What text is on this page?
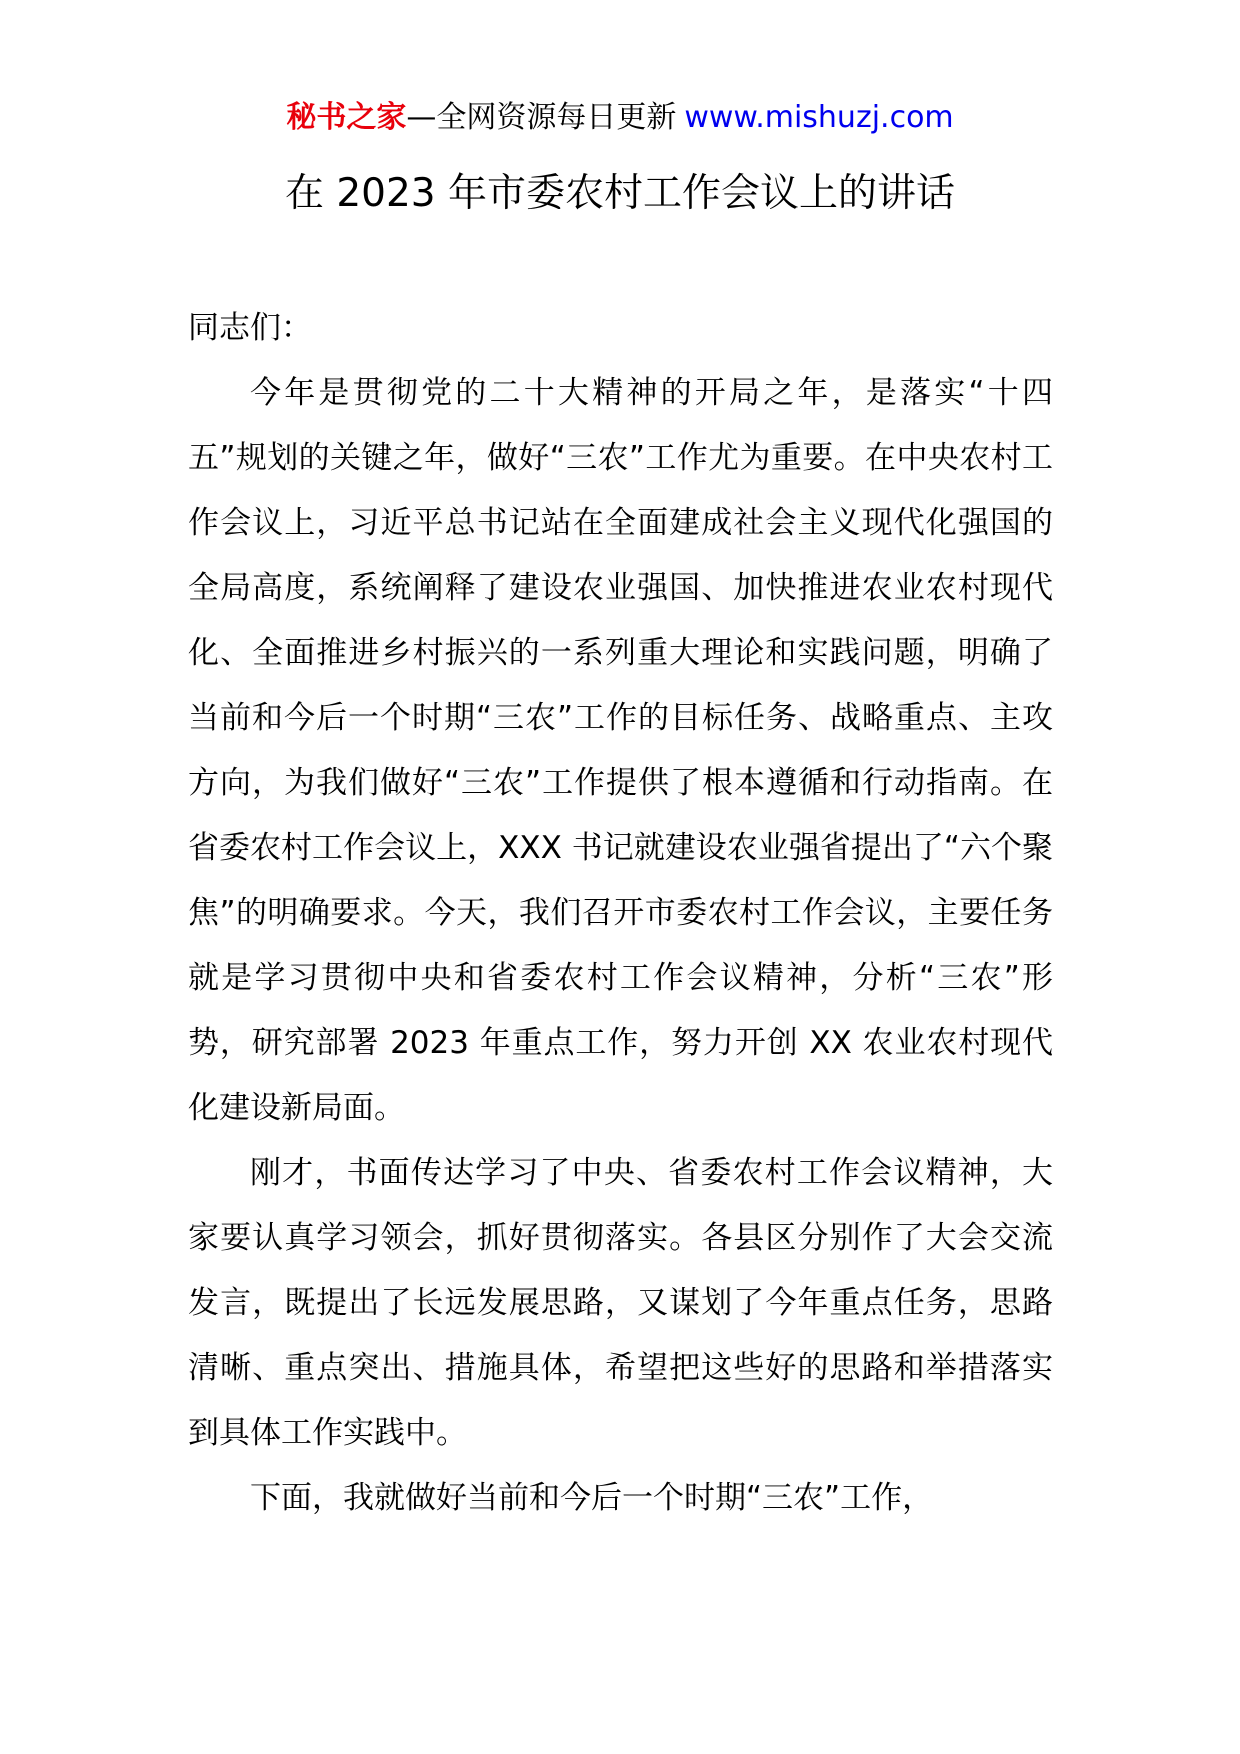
秘书之家—全网资源每日更新 www.mishuzj.com
在 2023 年市委农村工作会议上的讲话

同志们：

今年是贯彻党的二十大精神的开局之年，是落实“十四五”规划的关键之年，做好“三农”工作尤为重要。在中央农村工作会议上，习近平总书记站在全面建成社会主义现代化强国的全局高度，系统阐释了建设农业强国、加快推进农业农村现代化、全面推进乡村振兴的一系列重大理论和实践问题，明确了当前和今后一个时期“三农”工作的目标任务、战略重点、主攻方向，为我们做好“三农”工作提供了根本遵循和行动指南。在省委农村工作会议上，XXX 书记就建设农业强省提出了“六个聚焦”的明确要求。今天，我们召开市委农村工作会议，主要任务就是学习贯彻中央和省委农村工作会议精神，分析“三农”形势，研究部署 2023 年重点工作，努力开创 XX 农业农村现代化建设新局面。

刚才，书面传达学习了中央、省委农村工作会议精神，大家要认真学习领会，抓好贯彻落实。各县区分别作了大会交流发言，既提出了长远发展思路，又谋划了今年重点任务，思路清晰、重点突出、措施具体，希望把这些好的思路和举措落实到具体工作实践中。

下面，我就做好当前和今后一个时期“三农”工作，
